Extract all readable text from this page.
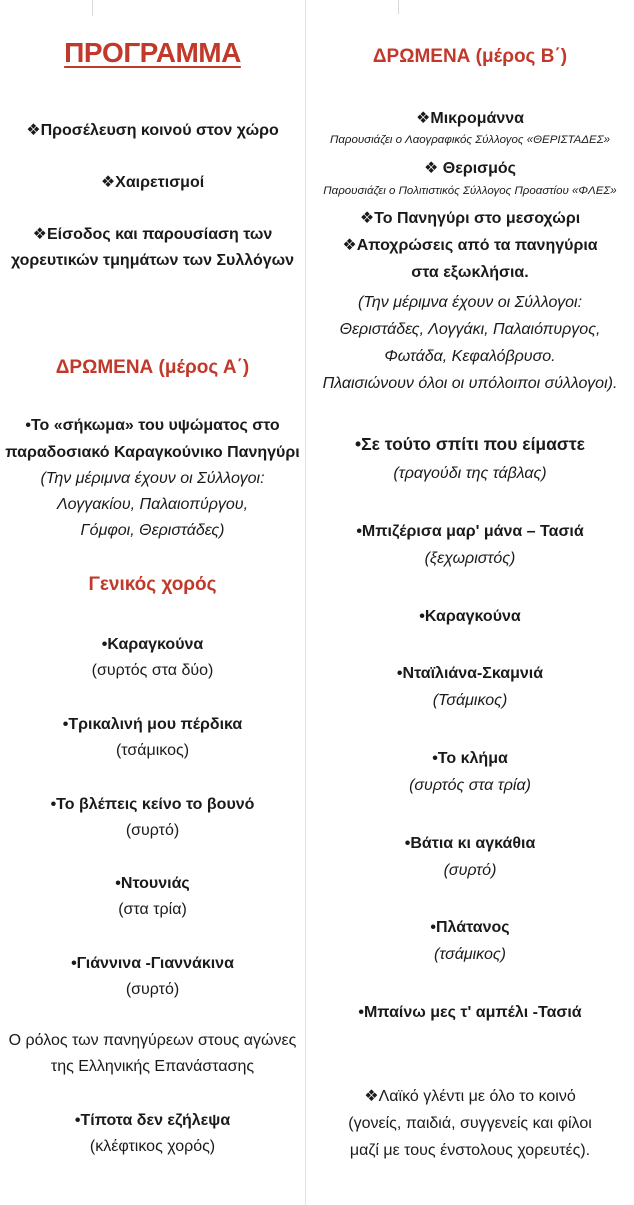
ΠΡΟΓΡΑΜΜΑ
❖Προσέλευση κοινού στον χώρο
❖Χαιρετισμοί
❖Είσοδος και παρουσίαση των
χορευτικών τμημάτων των Συλλόγων
ΔΡΩΜΕΝΑ (μέρος Α΄)
•Το «σήκωμα» του υψώματος στο
παραδοσιακό Καραγκούνικο Πανηγύρι
(Την μέριμνα έχουν οι Σύλλογοι:
Λογγακίου, Παλαιοπύργου,
Γόμφοι, Θεριστάδες)
Γενικός χορός
•Καραγκούνα
(συρτός στα δύο)
•Τρικαλινή μου πέρδικα
(τσάμικος)
•Το βλέπεις κείνο το βουνό
(συρτό)
•Ντουνιάς
(στα τρία)
•Γιάννινα -Γιαννάκινα
(συρτό)
Ο ρόλος των πανηγύρεων στους αγώνες
της Ελληνικής Επανάστασης
•Τίποτα δεν εζήλεψα
(κλέφτικος χορός)
ΔΡΩΜΕΝΑ (μέρος Β΄)
❖Μικρομάννα
Παρουσιάζει ο Λαογραφικός Σύλλογος «ΘΕΡΙΣΤΑΔΕΣ»
❖ Θερισμός
Παρουσιάζει ο Πολιτιστικός Σύλλογος Προαστίου «ΦΛΕΣ»
❖Το Πανηγύρι στο μεσοχώρι
❖Αποχρώσεις από τα πανηγύρια
στα εξωκλήσια.
(Την μέριμνα έχουν οι Σύλλογοι:
Θεριστάδες, Λογγάκι, Παλαιόπυργος,
Φωτάδα, Κεφαλόβρυσο.
Πλαισιώνουν όλοι οι υπόλοιποι σύλλογοι).
•Σε τούτο σπίτι που είμαστε
(τραγούδι της τάβλας)
•Μπιζέρισα μαρ' μάνα – Τασιά
(ξεχωριστός)
•Καραγκούνα
•Νταϊλιάνα-Σκαμνιά
(Τσάμικος)
•Το κλήμα
(συρτός στα τρία)
•Βάτια κι αγκάθια
(συρτό)
•Πλάτανος
(τσάμικος)
•Μπαίνω μες τ' αμπέλι -Τασιά
❖Λαϊκό γλέντι με όλο το κοινό
(γονείς, παιδιά, συγγενείς και φίλοι
μαζί με τους ένστολους χορευτές).
